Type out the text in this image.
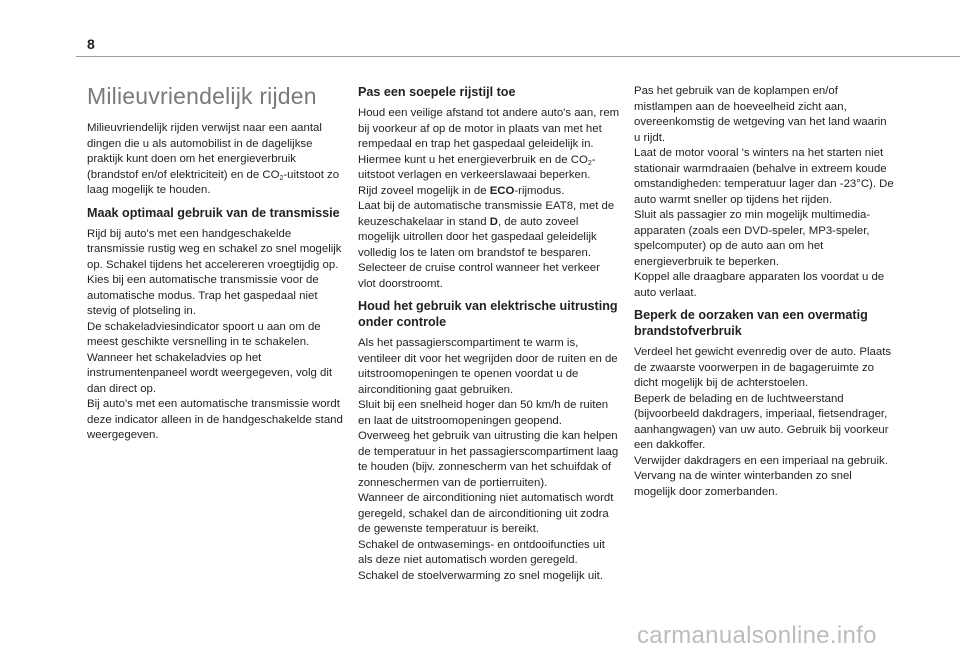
8
Milieuvriendelijk rijden

Milieuvriendelijk rijden verwijst naar een aantal dingen die u als automobilist in de dagelijkse praktijk kunt doen om het energieverbruik (brandstof en/of elektriciteit) en de $CO_2$-uitstoot zo laag mogelijk te houden.

Maak optimaal gebruik van de transmissie

Rijd bij auto's met een handgeschakelde transmissie rustig weg en schakel zo snel mogelijk op. Schakel tijdens het accelereren vroegtijdig op.
Kies bij een automatische transmissie voor de automatische modus. Trap het gaspedaal niet stevig of plotseling in.
De schakeladviesindicator spoort u aan om de meest geschikte versnelling in te schakelen. Wanneer het schakeladvies op het instrumentenpaneel wordt weergegeven, volg dit dan direct op.
Bij auto's met een automatische transmissie wordt deze indicator alleen in de handgeschakelde stand weergegeven.

Pas een soepele rijstijl toe

Houd een veilige afstand tot andere auto's aan, rem bij voorkeur af op de motor in plaats van met het rempedaal en trap het gaspedaal geleidelijk in. Hiermee kunt u het energieverbruik en de $CO_2$-uitstoot verlagen en verkeerslawaai beperken.
Rijd zoveel mogelijk in de ECO-rijmodus.
Laat bij de automatische transmissie EAT8, met de keuzeschakelaar in stand D, de auto zoveel mogelijk uitrollen door het gaspedaal geleidelijk volledig los te laten om brandstof te besparen.
Selecteer de cruise control wanneer het verkeer vlot doorstroomt.

Houd het gebruik van elektrische uitrusting onder controle

Als het passagierscompartiment te warm is, ventileer dit voor het wegrijden door de ruiten en de uitstroomopeningen te openen voordat u de airconditioning gaat gebruiken.
Sluit bij een snelheid hoger dan 50 km/h de ruiten en laat de uitstroomopeningen geopend.
Overweeg het gebruik van uitrusting die kan helpen de temperatuur in het passagierscompartiment laag te houden (bijv. zonnescherm van het schuifdak of zonneschermen van de portierruiten).
Wanneer de airconditioning niet automatisch wordt geregeld, schakel dan de airconditioning uit zodra de gewenste temperatuur is bereikt.
Schakel de ontwasemings- en ontdooifuncties uit als deze niet automatisch worden geregeld.
Schakel de stoelverwarming zo snel mogelijk uit.

Pas het gebruik van de koplampen en/of mistlampen aan de hoeveelheid zicht aan, overeenkomstig de wetgeving van het land waarin u rijdt.
Laat de motor vooral 's winters na het starten niet stationair warmdraaien (behalve in extreem koude omstandigheden: temperatuur lager dan -23°C). De auto warmt sneller op tijdens het rijden.
Sluit als passagier zo min mogelijk multimedia-apparaten (zoals een DVD-speler, MP3-speler, spelcomputer) op de auto aan om het energieverbruik te beperken.
Koppel alle draagbare apparaten los voordat u de auto verlaat.

Beperk de oorzaken van een overmatig brandstofverbruik

Verdeel het gewicht evenredig over de auto. Plaats de zwaarste voorwerpen in de bagageruimte zo dicht mogelijk bij de achterstoelen.
Beperk de belading en de luchtweerstand (bijvoorbeeld dakdragers, imperiaal, fietsendrager, aanhangwagen) van uw auto. Gebruik bij voorkeur een dakkoffer.
Verwijder dakdragers en een imperiaal na gebruik.
Vervang na de winter winterbanden zo snel mogelijk door zomerbanden.

carmanualsonline.info
